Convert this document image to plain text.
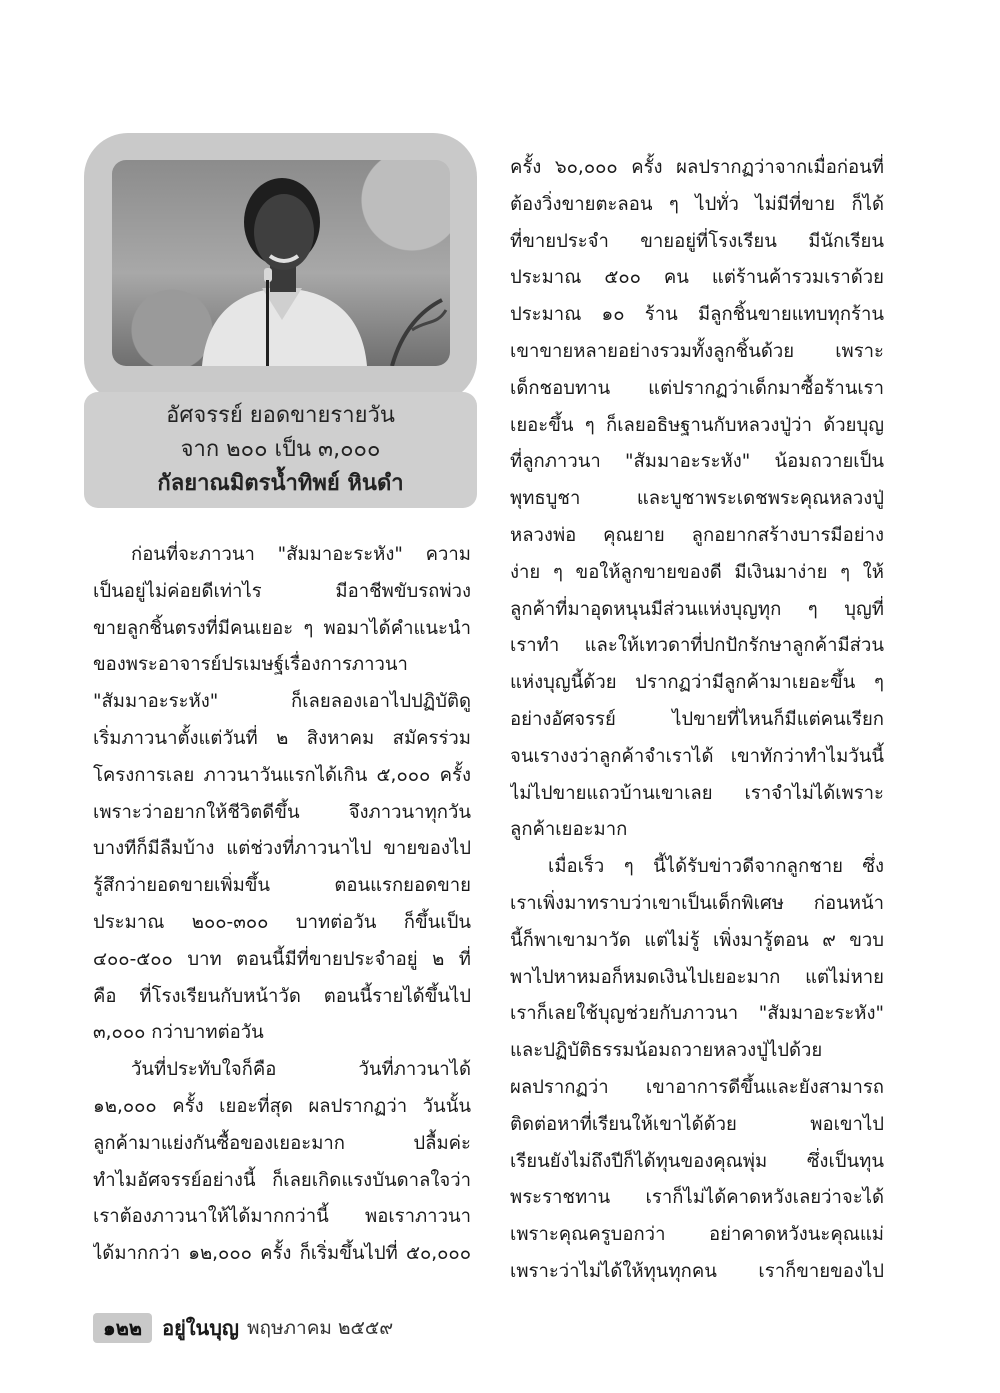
อัศจรรย์ ยอดขายรายวัน
จาก ๒๐๐ เป็น ๓,๐๐๐
กัลยาณมิตรน้ำทิพย์ หินดำ
ก่อนที่จะภาวนา "สัมมาอะระหัง" ความ
เป็นอยู่ไม่ค่อยดีเท่าไร มีอาชีพขับรถพ่วง
ขายลูกชิ้นตรงที่มีคนเยอะ ๆ พอมาได้คำแนะนำ
ของพระอาจารย์ปรเมษฐ์เรื่องการภาวนา
"สัมมาอะระหัง" ก็เลยลองเอาไปปฏิบัติดู
เริ่มภาวนาตั้งแต่วันที่ ๒ สิงหาคม สมัครร่วม
โครงการเลย ภาวนาวันแรกได้เกิน ๕,๐๐๐ ครั้ง
เพราะว่าอยากให้ชีวิตดีขึ้น จึงภาวนาทุกวัน
บางทีก็มีลืมบ้าง แต่ช่วงที่ภาวนาไป ขายของไป
รู้สึกว่ายอดขายเพิ่มขึ้น ตอนแรกยอดขาย
ประมาณ ๒๐๐-๓๐๐ บาทต่อวัน ก็ขึ้นเป็น
๔๐๐-๕๐๐ บาท ตอนนี้มีที่ขายประจำอยู่ ๒ ที่
คือ ที่โรงเรียนกับหน้าวัด ตอนนี้รายได้ขึ้นไป
๓,๐๐๐ กว่าบาทต่อวัน
วันที่ประทับใจก็คือ วันที่ภาวนาได้
๑๒,๐๐๐ ครั้ง เยอะที่สุด ผลปรากฏว่า วันนั้น
ลูกค้ามาแย่งกันซื้อของเยอะมาก ปลื้มค่ะ
ทำไมอัศจรรย์อย่างนี้ ก็เลยเกิดแรงบันดาลใจว่า
เราต้องภาวนาให้ได้มากกว่านี้ พอเราภาวนา
ได้มากกว่า ๑๒,๐๐๐ ครั้ง ก็เริ่มขึ้นไปที่ ๕๐,๐๐๐
ครั้ง ๖๐,๐๐๐ ครั้ง ผลปรากฏว่าจากเมื่อก่อนที่
ต้องวิ่งขายตะลอน ๆ ไปทั่ว ไม่มีที่ขาย ก็ได้
ที่ขายประจำ ขายอยู่ที่โรงเรียน มีนักเรียน
ประมาณ ๕๐๐ คน แต่ร้านค้ารวมเราด้วย
ประมาณ ๑๐ ร้าน มีลูกชิ้นขายแทบทุกร้าน
เขาขายหลายอย่างรวมทั้งลูกชิ้นด้วย เพราะ
เด็กชอบทาน แต่ปรากฏว่าเด็กมาซื้อร้านเรา
เยอะขึ้น ๆ ก็เลยอธิษฐานกับหลวงปู่ว่า ด้วยบุญ
ที่ลูกภาวนา "สัมมาอะระหัง" น้อมถวายเป็น
พุทธบูชา และบูชาพระเดชพระคุณหลวงปู่
หลวงพ่อ คุณยาย ลูกอยากสร้างบารมีอย่าง
ง่าย ๆ ขอให้ลูกขายของดี มีเงินมาง่าย ๆ ให้
ลูกค้าที่มาอุดหนุนมีส่วนแห่งบุญทุก ๆ บุญที่
เราทำ และให้เทวดาที่ปกปักรักษาลูกค้ามีส่วน
แห่งบุญนี้ด้วย ปรากฏว่ามีลูกค้ามาเยอะขึ้น ๆ
อย่างอัศจรรย์ ไปขายที่ไหนก็มีแต่คนเรียก
จนเรางงว่าลูกค้าจำเราได้ เขาทักว่าทำไมวันนี้
ไม่ไปขายแถวบ้านเขาเลย เราจำไม่ได้เพราะ
ลูกค้าเยอะมาก
เมื่อเร็ว ๆ นี้ได้รับข่าวดีจากลูกชาย ซึ่ง
เราเพิ่งมาทราบว่าเขาเป็นเด็กพิเศษ ก่อนหน้า
นี้ก็พาเขามาวัด แต่ไม่รู้ เพิ่งมารู้ตอน ๙ ขวบ
พาไปหาหมอก็หมดเงินไปเยอะมาก แต่ไม่หาย
เราก็เลยใช้บุญช่วยกับภาวนา "สัมมาอะระหัง"
และปฏิบัติธรรมน้อมถวายหลวงปู่ไปด้วย
ผลปรากฏว่า เขาอาการดีขึ้นและยังสามารถ
ติดต่อหาที่เรียนให้เขาได้ด้วย พอเขาไป
เรียนยังไม่ถึงปีก็ได้ทุนของคุณพุ่ม ซึ่งเป็นทุน
พระราชทาน เราก็ไม่ได้คาดหวังเลยว่าจะได้
เพราะคุณครูบอกว่า อย่าคาดหวังนะคุณแม่
เพราะว่าไม่ได้ให้ทุนทุกคน เราก็ขายของไป
๑๒๒	อยู่ในบุญ พฤษภาคม ๒๕๕๙
